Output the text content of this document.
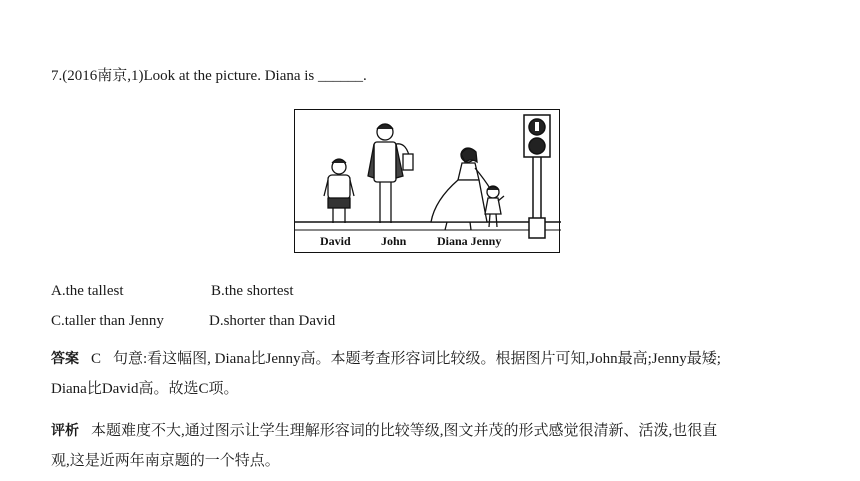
7.(2016南京,1)Look at the picture. Diana is ______.
David	John	Diana Jenny
A.the tallest	B.the shortest
C.taller than Jenny	D.shorter than David
答案 C 句意:看这幅图, Diana比Jenny高。本题考查形容词比较级。根据图片可知,John最高;Jenny最矮;
Diana比David高。故选C项。
评析 本题难度不大,通过图示让学生理解形容词的比较等级,图文并茂的形式感觉很清新、活泼,也很直
观,这是近两年南京题的一个特点。
